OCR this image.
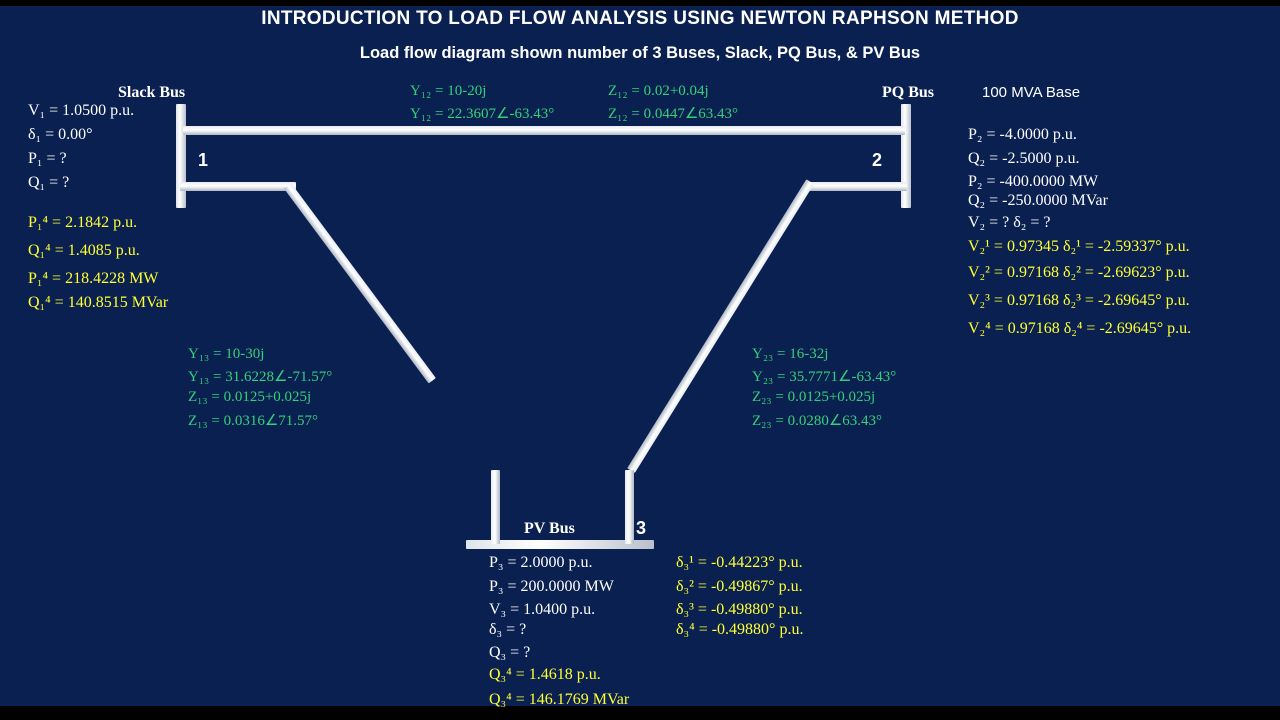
INTRODUCTION TO LOAD FLOW ANALYSIS USING NEWTON RAPHSON METHOD
Load flow diagram shown number of 3 Buses, Slack, PQ Bus, & PV Bus
Slack Bus
1
PQ Bus
2
PV Bus	3
100 MVA Base
Y₁₂ = 10-20j
Y₁₂ = 22.3607∠-63.43°
Z₁₂ = 0.02+0.04j
Z₁₂ = 0.0447∠63.43°
Y₁₃ = 10-30j
Y₁₃ = 31.6228∠-71.57°
Z₁₃ = 0.0125+0.025j
Z₁₃ = 0.0316∠71.57°
Y₂₃ = 16-32j
Y₂₃ = 35.7771∠-63.43°
Z₂₃ = 0.0125+0.025j
Z₂₃ = 0.0280∠63.43°
V₁ = 1.0500 p.u.
δ₁ = 0.00°
P₁ = ?
Q₁ = ?
P₁⁴ = 2.1842 p.u.
Q₁⁴ = 1.4085 p.u.
P₁⁴ = 218.4228 MW
Q₁⁴ = 140.8515 MVar
P₂ = -4.0000 p.u.
Q₂ = -2.5000 p.u.
P₂ = -400.0000 MW
Q₂ = -250.0000 MVar
V₂ = ? δ₂ = ?
V₂¹ = 0.97345 δ₂¹ = -2.59337° p.u.
V₂² = 0.97168 δ₂² = -2.69623° p.u.
V₂³ = 0.97168 δ₂³ = -2.69645° p.u.
V₂⁴ = 0.97168 δ₂⁴ = -2.69645° p.u.
P₃ = 2.0000 p.u.
P₃ = 200.0000 MW
V₃ = 1.0400 p.u.
δ₃ = ?
Q₃ = ?
Q₃⁴ = 1.4618 p.u.
Q₃⁴ = 146.1769 MVar
δ₃¹ = -0.44223° p.u.
δ₃² = -0.49867° p.u.
δ₃³ = -0.49880° p.u.
δ₃⁴ = -0.49880° p.u.
